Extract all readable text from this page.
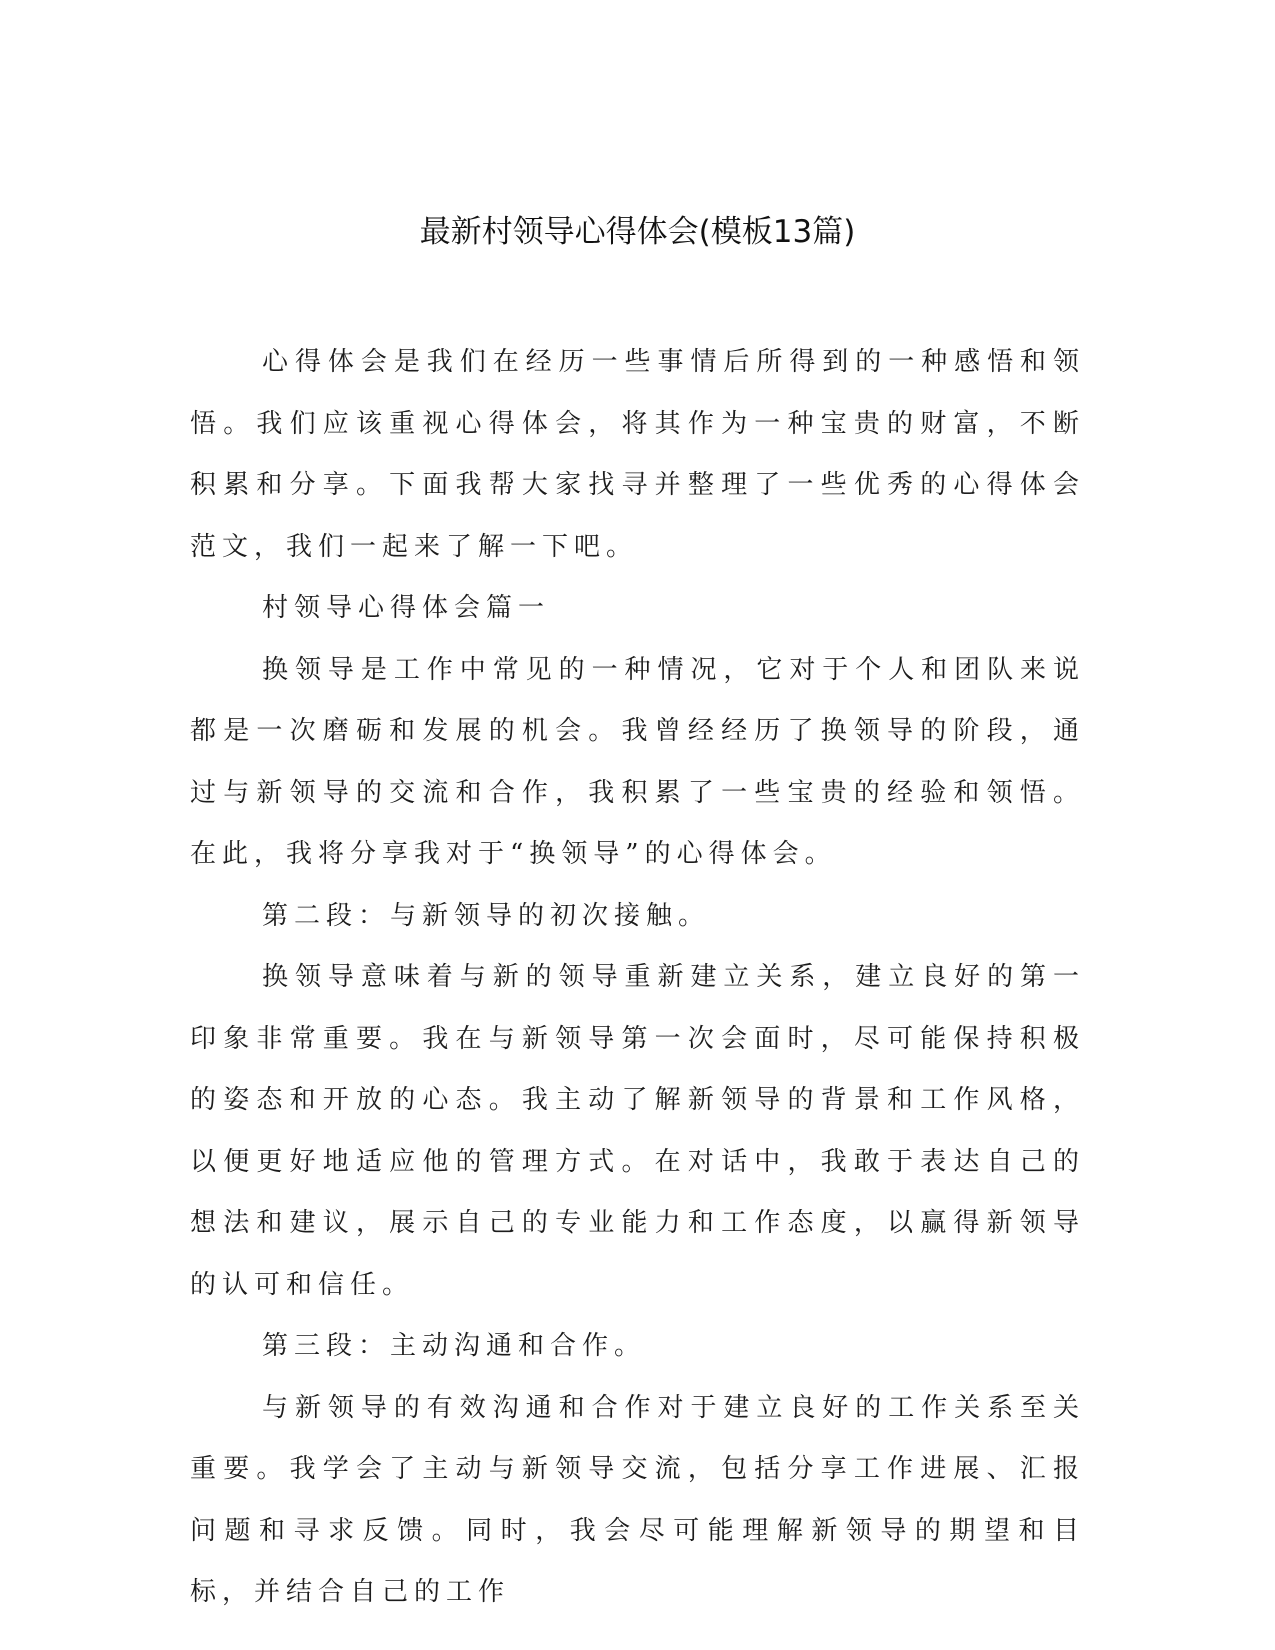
最新村领导心得体会(模板13篇)

心得体会是我们在经历一些事情后所得到的一种感悟和领悟。我们应该重视心得体会，将其作为一种宝贵的财富，不断积累和分享。下面我帮大家找寻并整理了一些优秀的心得体会范文，我们一起来了解一下吧。

村领导心得体会篇一

换领导是工作中常见的一种情况，它对于个人和团队来说都是一次磨砺和发展的机会。我曾经经历了换领导的阶段，通过与新领导的交流和合作，我积累了一些宝贵的经验和领悟。在此，我将分享我对于“换领导”的心得体会。

第二段：与新领导的初次接触。

换领导意味着与新的领导重新建立关系，建立良好的第一印象非常重要。我在与新领导第一次会面时，尽可能保持积极的姿态和开放的心态。我主动了解新领导的背景和工作风格，以便更好地适应他的管理方式。在对话中，我敢于表达自己的想法和建议，展示自己的专业能力和工作态度，以赢得新领导的认可和信任。

第三段：主动沟通和合作。

与新领导的有效沟通和合作对于建立良好的工作关系至关重要。我学会了主动与新领导交流，包括分享工作进展、汇报问题和寻求反馈。同时，我会尽可能理解新领导的期望和目标，并结合自己的工作
